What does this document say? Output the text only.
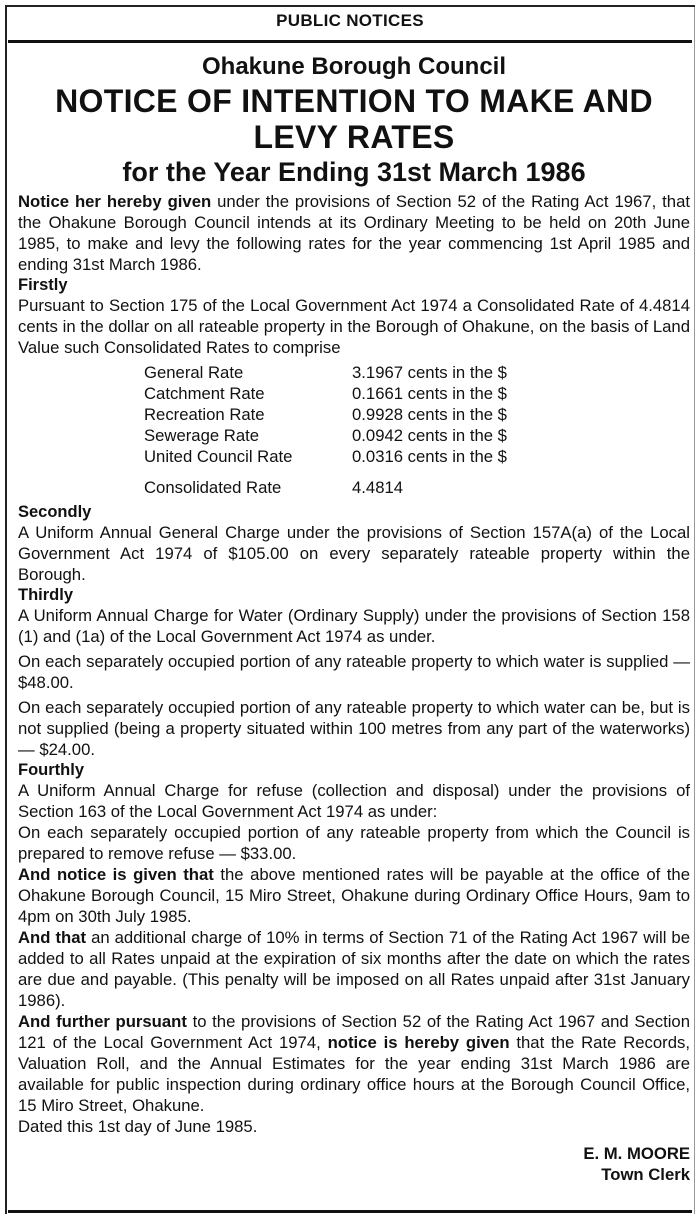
PUBLIC NOTICES
Ohakune Borough Council
NOTICE OF INTENTION TO MAKE AND LEVY RATES
for the Year Ending 31st March 1986

Notice her hereby given under the provisions of Section 52 of the Rating Act 1967, that the Ohakune Borough Council intends at its Ordinary Meeting to be held on 20th June 1985, to make and levy the following rates for the year commencing 1st April 1985 and ending 31st March 1986.

Firstly

Pursuant to Section 175 of the Local Government Act 1974 a Consolidated Rate of 4.4814 cents in the dollar on all rateable property in the Borough of Ohakune, on the basis of Land Value such Consolidated Rates to comprise

General Rate	3.1967 cents in the $
Catchment Rate	0.1661 cents in the $
Recreation Rate	0.9928 cents in the $
Sewerage Rate	0.0942 cents in the $
United Council Rate	0.0316 cents in the $
Consolidated Rate	4.4814
Secondly

A Uniform Annual General Charge under the provisions of Section 157A(a) of the Local Government Act 1974 of $105.00 on every separately rateable property within the Borough.

Thirdly

A Uniform Annual Charge for Water (Ordinary Supply) under the provisions of Section 158 (1) and (1a) of the Local Government Act 1974 as under.

On each separately occupied portion of any rateable property to which water is supplied — $48.00.

On each separately occupied portion of any rateable property to which water can be, but is not supplied (being a property situated within 100 metres from any part of the waterworks) — $24.00.

Fourthly

A Uniform Annual Charge for refuse (collection and disposal) under the provisions of Section 163 of the Local Government Act 1974 as under:

On each separately occupied portion of any rateable property from which the Council is prepared to remove refuse — $33.00.

And notice is given that the above mentioned rates will be payable at the office of the Ohakune Borough Council, 15 Miro Street, Ohakune during Ordinary Office Hours, 9am to 4pm on 30th July 1985.

And that an additional charge of 10% in terms of Section 71 of the Rating Act 1967 will be added to all Rates unpaid at the expiration of six months after the date on which the rates are due and payable. (This penalty will be imposed on all Rates unpaid after 31st January 1986).

And further pursuant to the provisions of Section 52 of the Rating Act 1967 and Section 121 of the Local Government Act 1974, notice is hereby given that the Rate Records, Valuation Roll, and the Annual Estimates for the year ending 31st March 1986 are available for public inspection during ordinary office hours at the Borough Council Office, 15 Miro Street, Ohakune.

Dated this 1st day of June 1985.

E. M. MOORE
Town Clerk
